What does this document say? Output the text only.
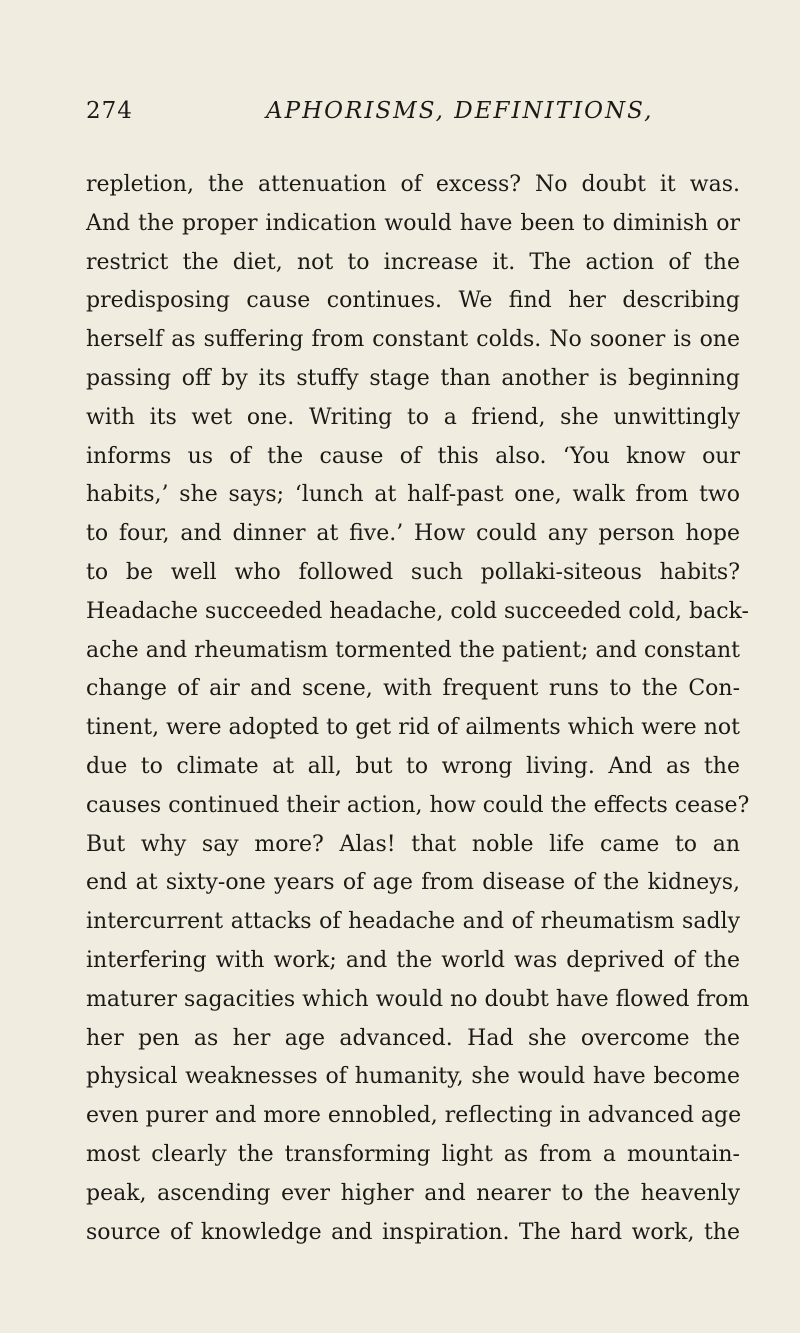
274	APHORISMS, DEFINITIONS,
repletion, the attenuation of excess? No doubt it was.
And the proper indication would have been to diminish or
restrict the diet, not to increase it. The action of the
predisposing cause continues. We find her describing
herself as suffering from constant colds. No sooner is one
passing off by its stuffy stage than another is beginning
with its wet one. Writing to a friend, she unwittingly
informs us of the cause of this also. ‘You know our
habits,’ she says; ‘lunch at half-past one, walk from two
to four, and dinner at five.’ How could any person hope
to be well who followed such pollaki-siteous habits?
Headache succeeded headache, cold succeeded cold, back-
ache and rheumatism tormented the patient; and constant
change of air and scene, with frequent runs to the Con-
tinent, were adopted to get rid of ailments which were not
due to climate at all, but to wrong living. And as the
causes continued their action, how could the effects cease?
But why say more? Alas! that noble life came to an
end at sixty-one years of age from disease of the kidneys,
intercurrent attacks of headache and of rheumatism sadly
interfering with work; and the world was deprived of the
maturer sagacities which would no doubt have flowed from
her pen as her age advanced. Had she overcome the
physical weaknesses of humanity, she would have become
even purer and more ennobled, reflecting in advanced age
most clearly the transforming light as from a mountain-
peak, ascending ever higher and nearer to the heavenly
source of knowledge and inspiration. The hard work, the
